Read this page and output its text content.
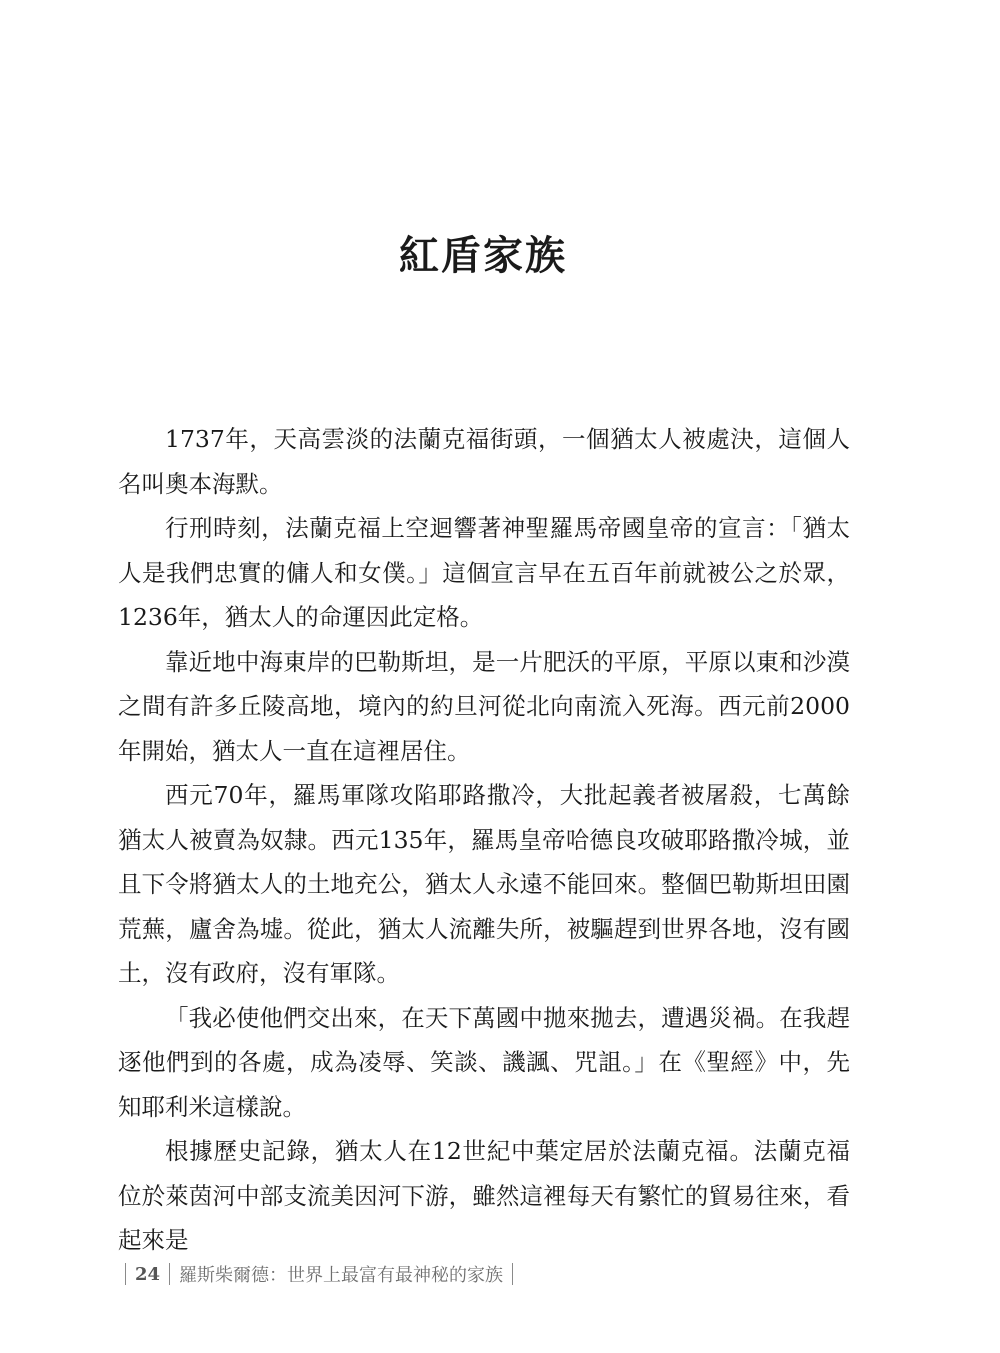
紅盾家族

1737年，天高雲淡的法蘭克福街頭，一個猶太人被處決，這個人名叫奧本海默。

行刑時刻，法蘭克福上空迴響著神聖羅馬帝國皇帝的宣言：「猶太人是我們忠實的傭人和女僕。」這個宣言早在五百年前就被公之於眾，1236年，猶太人的命運因此定格。

靠近地中海東岸的巴勒斯坦，是一片肥沃的平原，平原以東和沙漠之間有許多丘陵高地，境內的約旦河從北向南流入死海。西元前2000年開始，猶太人一直在這裡居住。

西元70年，羅馬軍隊攻陷耶路撒冷，大批起義者被屠殺，七萬餘猶太人被賣為奴隸。西元135年，羅馬皇帝哈德良攻破耶路撒冷城，並且下令將猶太人的土地充公，猶太人永遠不能回來。整個巴勒斯坦田園荒蕪，廬舍為墟。從此，猶太人流離失所，被驅趕到世界各地，沒有國土，沒有政府，沒有軍隊。

「我必使他們交出來，在天下萬國中拋來拋去，遭遇災禍。在我趕逐他們到的各處，成為凌辱、笑談、譏諷、咒詛。」在《聖經》中，先知耶利米這樣說。

根據歷史記錄，猶太人在12世紀中葉定居於法蘭克福。法蘭克福位於萊茵河中部支流美因河下游，雖然這裡每天有繁忙的貿易往來，看起來是

24 羅斯柴爾德：世界上最富有最神秘的家族
